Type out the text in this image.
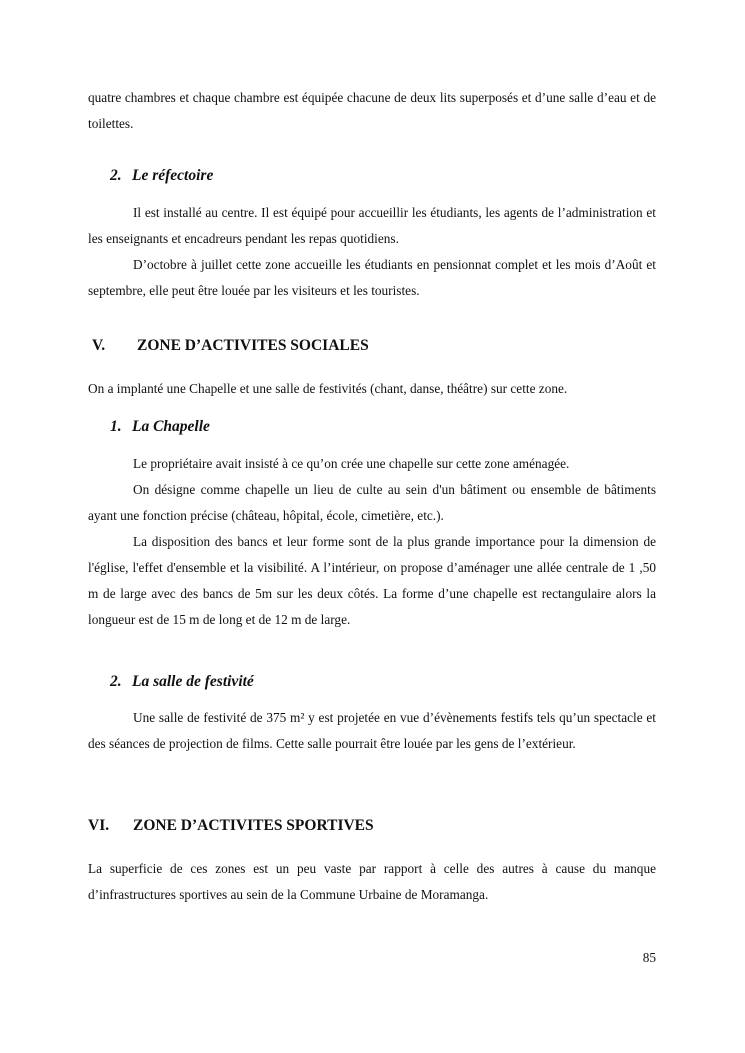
quatre chambres et chaque chambre est équipée chacune de deux lits superposés et d’une salle d’eau et de toilettes.

2. Le réfectoire

Il est installé au centre. Il est équipé pour accueillir les étudiants, les agents de l’administration et les enseignants et encadreurs pendant les repas quotidiens.

D’octobre à juillet cette zone accueille les étudiants en pensionnat complet et les mois d’Août et septembre, elle peut être louée par les visiteurs et les touristes.

V. ZONE D’ACTIVITES SOCIALES

On a implanté une Chapelle et une salle de festivités (chant, danse, théâtre) sur cette zone.

1. La Chapelle

Le propriétaire avait insisté à ce qu’on crée une chapelle sur cette zone aménagée.

On désigne comme chapelle un lieu de culte au sein d'un bâtiment ou ensemble de bâtiments ayant une fonction précise (château, hôpital, école, cimetière, etc.).

La disposition des bancs et leur forme sont de la plus grande importance pour la dimension de l'église, l'effet d'ensemble et la visibilité. A l’intérieur, on propose d’aménager une allée centrale de 1 ,50 m de large avec des bancs de 5m sur les deux côtés. La forme d’une chapelle est rectangulaire alors la longueur est de 15 m de long et de 12 m de large.

2. La salle de festivité

Une salle de festivité de 375 m² y est projetée en vue d’évènements festifs tels qu’un spectacle et des séances de projection de films. Cette salle pourrait être louée par les gens de l’extérieur.

VI. ZONE D’ACTIVITES SPORTIVES

La superficie de ces zones est un peu vaste par rapport à celle des autres à cause du manque d’infrastructures sportives au sein de la Commune Urbaine de Moramanga.

85
